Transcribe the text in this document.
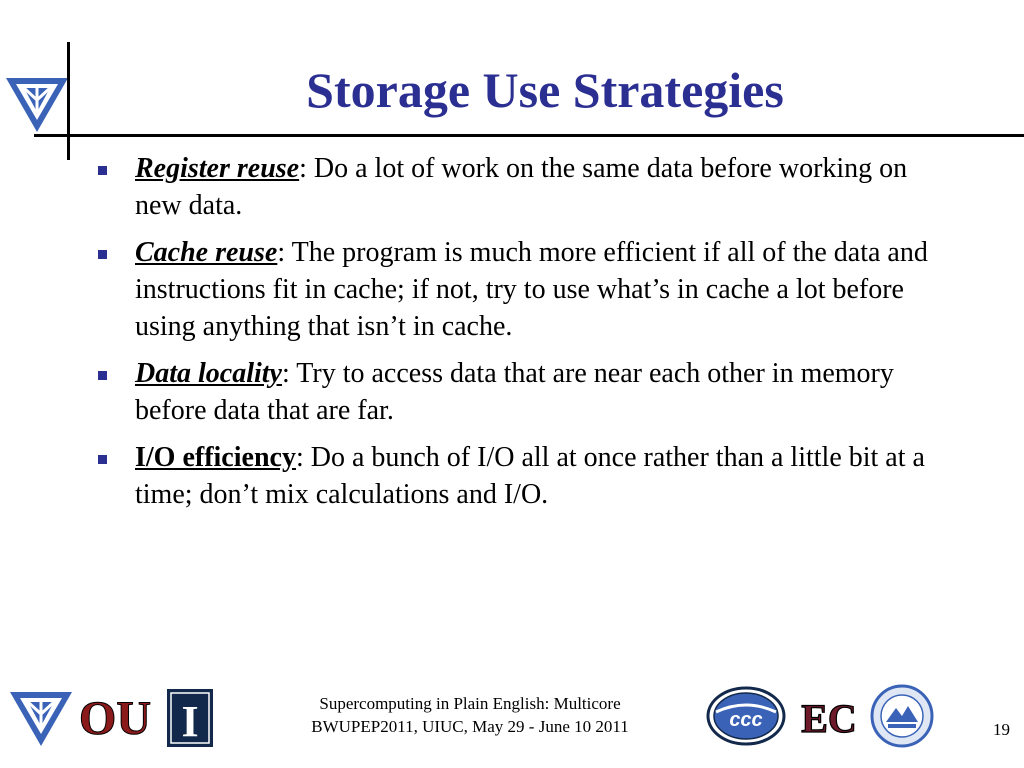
Storage Use Strategies
Register reuse: Do a lot of work on the same data before working on new data.
Cache reuse: The program is much more efficient if all of the data and instructions fit in cache; if not, try to use what’s in cache a lot before using anything that isn’t in cache.
Data locality: Try to access data that are near each other in memory before data that are far.
I/O efficiency: Do a bunch of I/O all at once rather than a little bit at a time; don’t mix calculations and I/O.
OU I	Supercomputing in Plain English: Multicore
BWUPEP2011, UIUC, May 29 - June 10 2011	ccc EC	19
